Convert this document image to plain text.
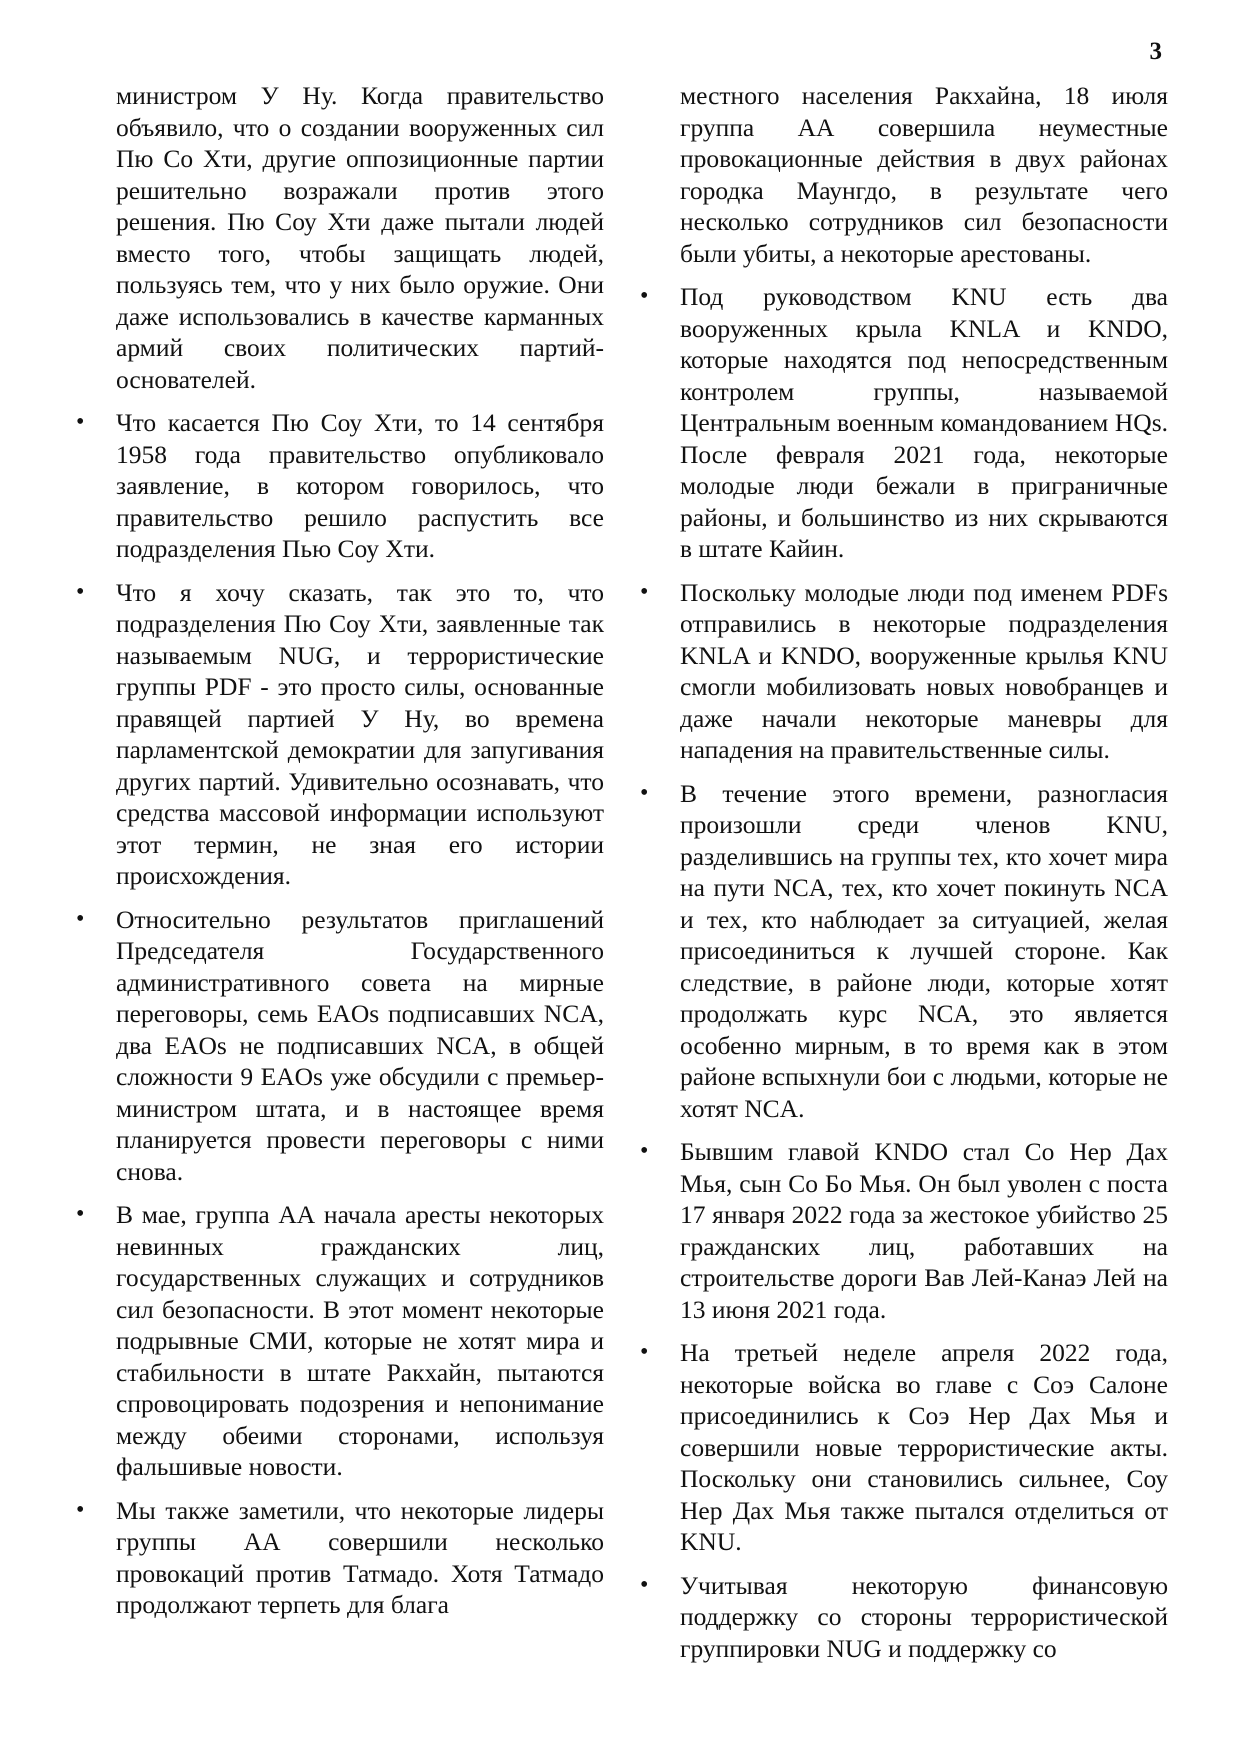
3

министром У Ну. Когда правительство объявило, что о создании вооруженных сил Пю Со Хти, другие оппозиционные партии решительно возражали против этого решения. Пю Соу Хти даже пытали людей вместо того, чтобы защищать людей, пользуясь тем, что у них было оружие. Они даже использовались в качестве карманных армий своих политических партий-основателей.

• Что касается Пю Соу Хти, то 14 сентября 1958 года правительство опубликовало заявление, в котором говорилось, что правительство решило распустить все подразделения Пью Соу Хти.

• Что я хочу сказать, так это то, что подразделения Пю Соу Хти, заявленные так называемым NUG, и террористические группы PDF - это просто силы, основанные правящей партией У Ну, во времена парламентской демократии для запугивания других партий. Удивительно осознавать, что средства массовой информации используют этот термин, не зная его истории происхождения.

• Относительно результатов приглашений Председателя Государственного административного совета на мирные переговоры, семь EAOs подписавших NCA, два EAOs не подписавших NCA, в общей сложности 9 EAOs уже обсудили с премьер-министром штата, и в настоящее время планируется провести переговоры с ними снова.

• В мае, группа АА начала аресты некоторых невинных гражданских лиц, государственных служащих и сотрудников сил безопасности. В этот момент некоторые подрывные СМИ, которые не хотят мира и стабильности в штате Ракхайн, пытаются спровоцировать подозрения и непонимание между обеими сторонами, используя фальшивые новости.

• Мы также заметили, что некоторые лидеры группы АА совершили несколько провокаций против Татмадо. Хотя Татмадо продолжают терпеть для блага

местного населения Ракхайна, 18 июля группа АА совершила неуместные провокационные действия в двух районах городка Маунгдо, в результате чего несколько сотрудников сил безопасности были убиты, а некоторые арестованы.

• Под руководством KNU есть два вооруженных крыла KNLA и KNDO, которые находятся под непосредственным контролем группы, называемой Центральным военным командованием HQs. После февраля 2021 года, некоторые молодые люди бежали в приграничные районы, и большинство из них скрываются в штате Кайин.

• Поскольку молодые люди под именем PDFs отправились в некоторые подразделения KNLA и KNDO, вооруженные крылья KNU смогли мобилизовать новых новобранцев и даже начали некоторые маневры для нападения на правительственные силы.

• В течение этого времени, разногласия произошли среди членов KNU, разделившись на группы тех, кто хочет мира на пути NCA, тех, кто хочет покинуть NCA и тех, кто наблюдает за ситуацией, желая присоединиться к лучшей стороне. Как следствие, в районе люди, которые хотят продолжать курс NCA, это является особенно мирным, в то время как в этом районе вспыхнули бои с людьми, которые не хотят NCA.

• Бывшим главой KNDO стал Со Нер Дах Мья, сын Со Бо Мья. Он был уволен с поста 17 января 2022 года за жестокое убийство 25 гражданских лиц, работавших на строительстве дороги Вав Лей-Канаэ Лей на 13 июня 2021 года.

• На третьей неделе апреля 2022 года, некоторые войска во главе с Соэ Салоне присоединились к Соэ Нер Дах Мья и совершили новые террористические акты. Поскольку они становились сильнее, Соу Нер Дах Мья также пытался отделиться от KNU.

• Учитывая некоторую финансовую поддержку со стороны террористической группировки NUG и поддержку со
